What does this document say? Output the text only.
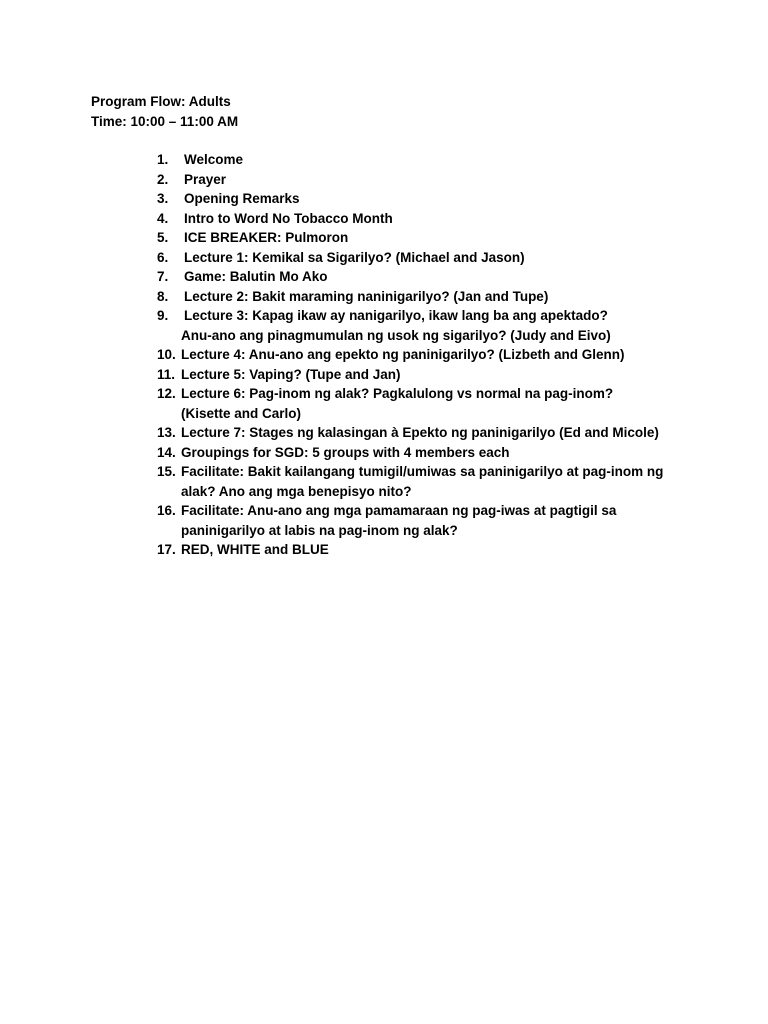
Program Flow: Adults
Time: 10:00 – 11:00 AM
1.	Welcome
2.	Prayer
3.	Opening Remarks
4.	Intro to Word No Tobacco Month
5.	ICE BREAKER: Pulmoron
6.	Lecture 1: Kemikal sa Sigarilyo? (Michael and Jason)
7.	Game: Balutin Mo Ako
8.	Lecture 2: Bakit maraming naninigarilyo? (Jan and Tupe)
9.	Lecture 3: Kapag ikaw ay nanigarilyo, ikaw lang ba ang apektado?
Anu-ano ang pinagmumulan ng usok ng sigarilyo? (Judy and Eivo)
10. Lecture 4: Anu-ano ang epekto ng paninigarilyo? (Lizbeth and Glenn)
11. Lecture 5: Vaping? (Tupe and Jan)
12. Lecture 6: Pag-inom ng alak? Pagkalulong vs normal na pag-inom?
(Kisette and Carlo)
13. Lecture 7: Stages ng kalasingan à Epekto ng paninigarilyo (Ed and Micole)
14. Groupings for SGD: 5 groups with 4 members each
15. Facilitate: Bakit kailangang tumigil/umiwas sa paninigarilyo at pag-inom ng
alak? Ano ang mga benepisyo nito?
16. Facilitate: Anu-ano ang mga pamamaraan ng pag-iwas at pagtigil sa
paninigarilyo at labis na pag-inom ng alak?
17. RED, WHITE and BLUE
